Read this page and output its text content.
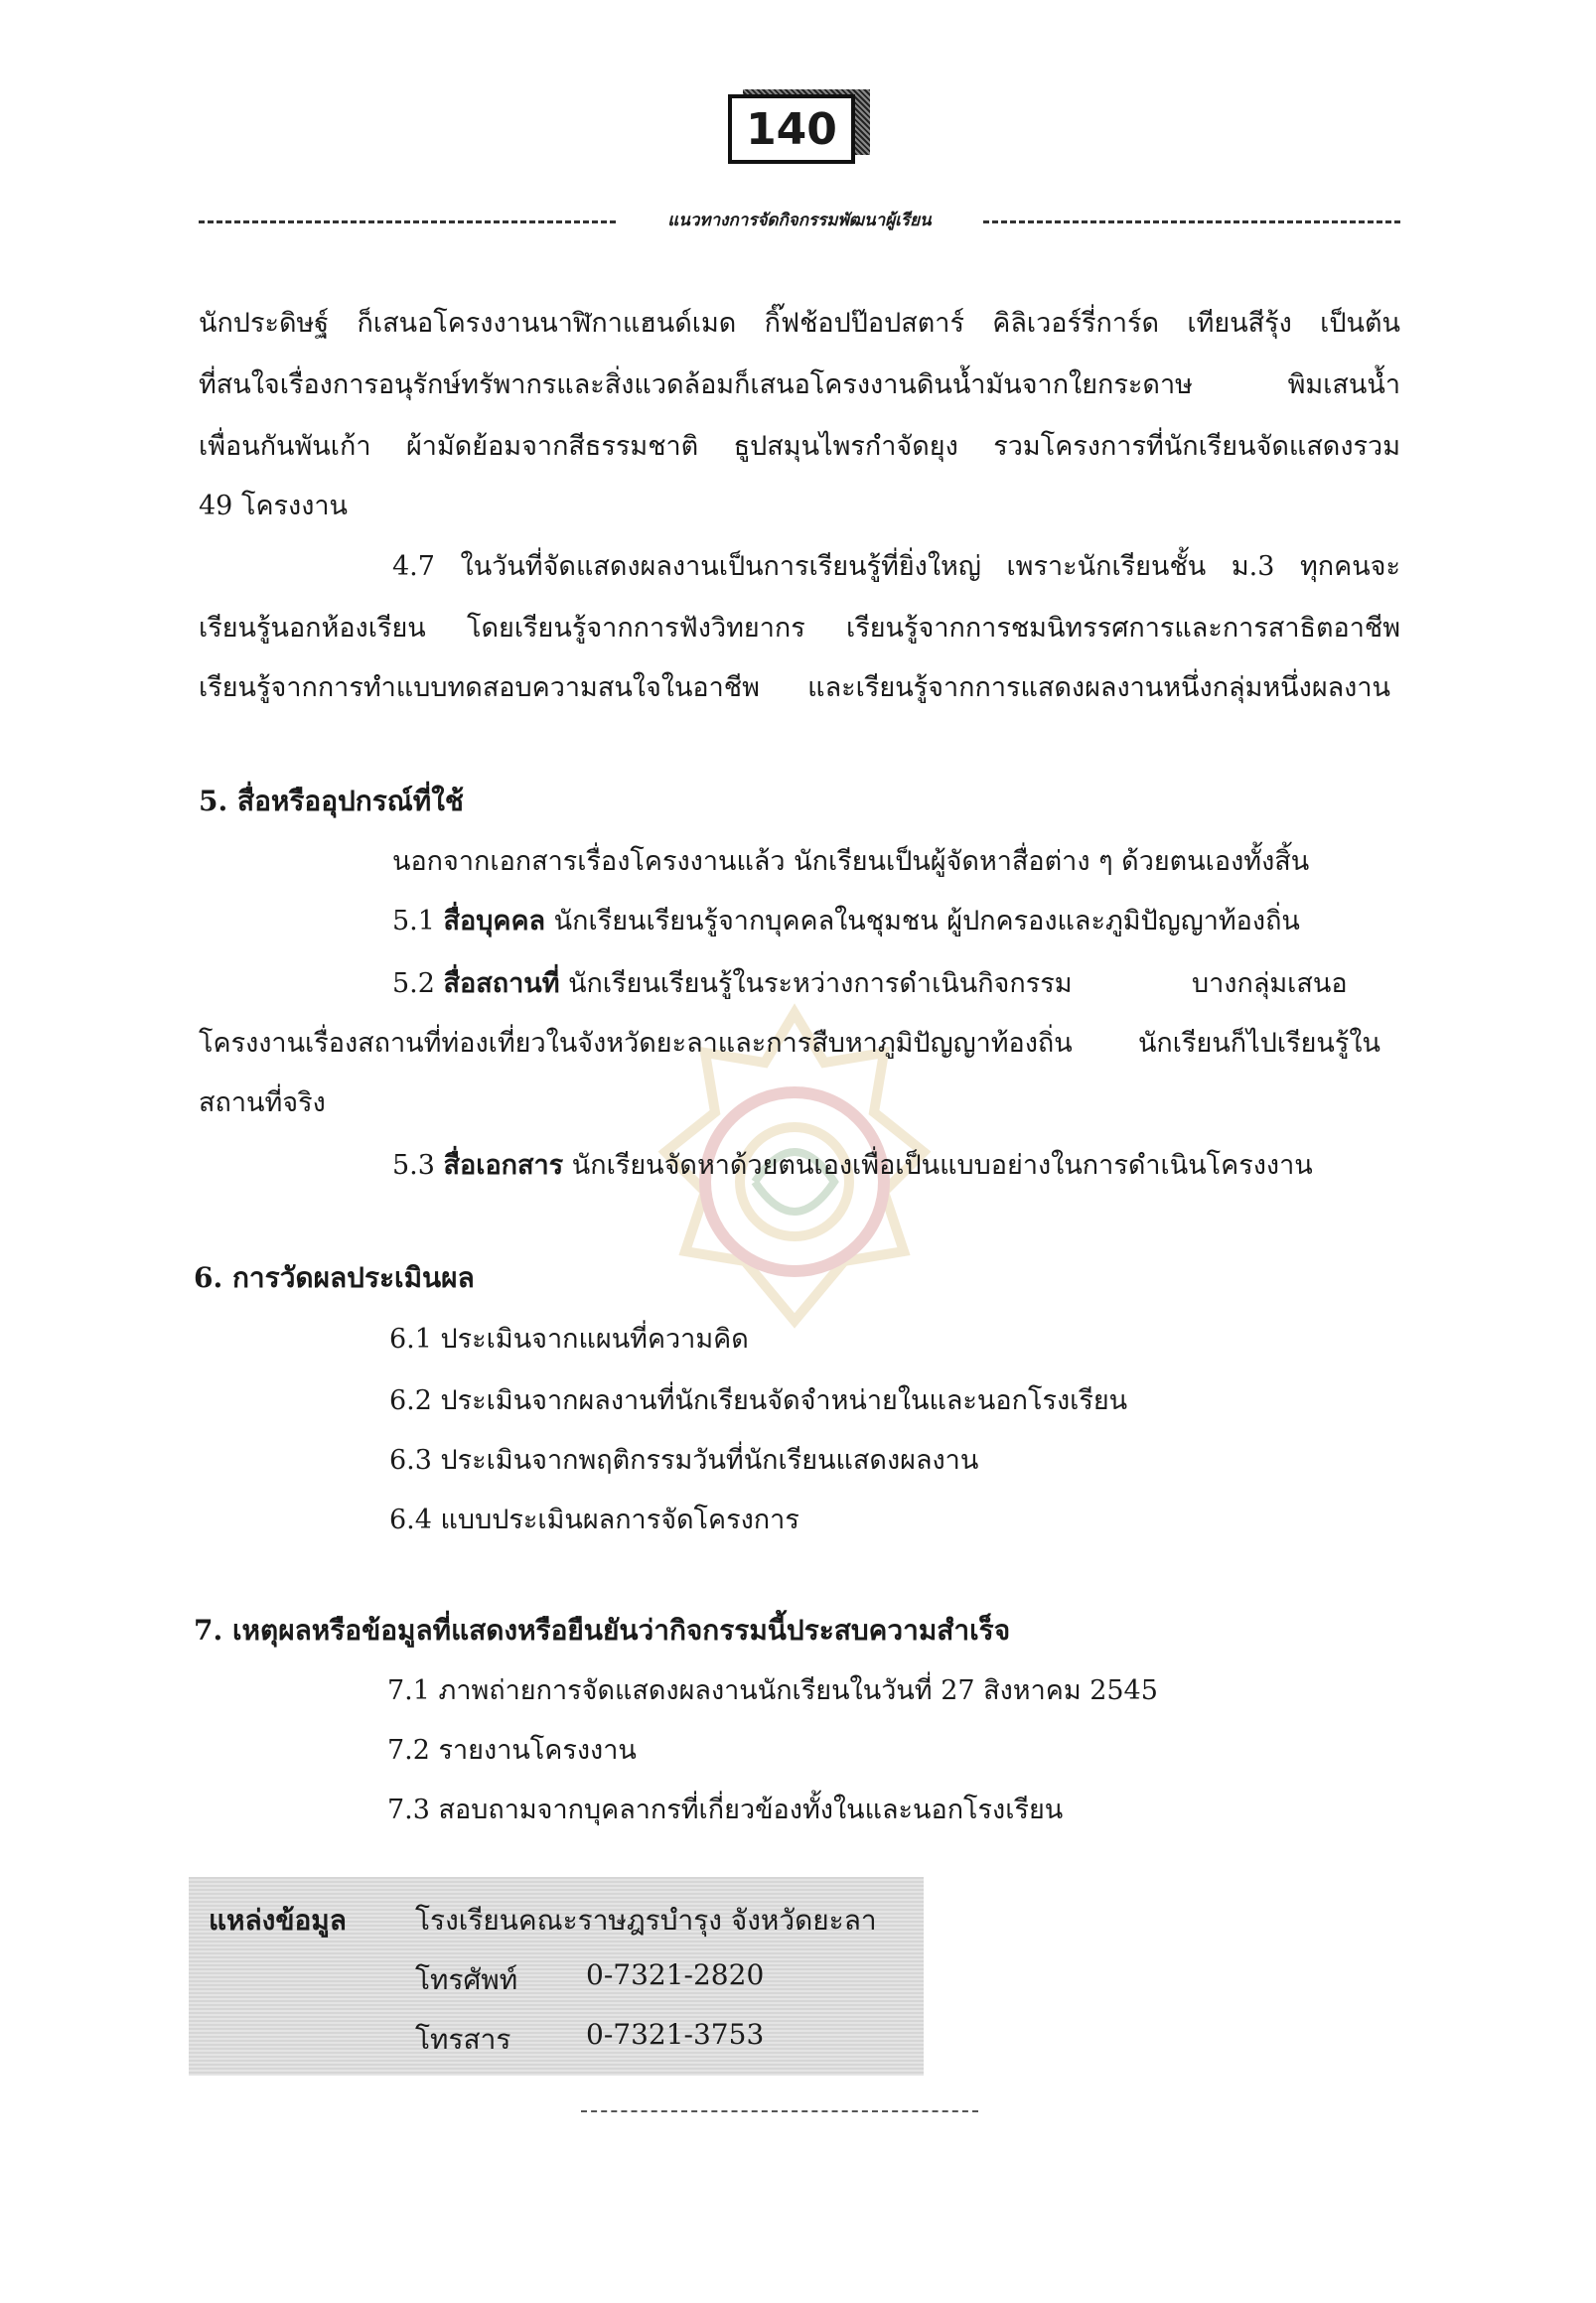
140
แนวทางการจัดกิจกรรมพัฒนาผู้เรียน
นักประดิษฐ์ ก็เสนอโครงงานนาฬิกาแฮนด์เมด กิ๊ฟช้อปป๊อปสตาร์ คิลิเวอร์รี่การ์ด เทียนสีรุ้ง เป็นต้น
ที่สนใจเรื่องการอนุรักษ์ทรัพากรและสิ่งแวดล้อมก็เสนอโครงงานดินน้ำมันจากใยกระดาษ พิมเสนน้ำ
เพื่อนกันพันเก้า ผ้ามัดย้อมจากสีธรรมชาติ ธูปสมุนไพรกำจัดยุง รวมโครงการที่นักเรียนจัดแสดงรวม
49 โครงงาน
4.7 ในวันที่จัดแสดงผลงานเป็นการเรียนรู้ที่ยิ่งใหญ่ เพราะนักเรียนชั้น ม.3 ทุกคนจะ
เรียนรู้นอกห้องเรียน โดยเรียนรู้จากการฟังวิทยากร เรียนรู้จากการชมนิทรรศการและการสาธิตอาชีพ
เรียนรู้จากการทำแบบทดสอบความสนใจในอาชีพ และเรียนรู้จากการแสดงผลงานหนึ่งกลุ่มหนึ่งผลงาน
5. สื่อหรืออุปกรณ์ที่ใช้
นอกจากเอกสารเรื่องโครงงานแล้ว นักเรียนเป็นผู้จัดหาสื่อต่าง ๆ ด้วยตนเองทั้งสิ้น
5.1 สื่อบุคคล นักเรียนเรียนรู้จากบุคคลในชุมชน ผู้ปกครองและภูมิปัญญาท้องถิ่น
5.2 สื่อสถานที่ นักเรียนเรียนรู้ในระหว่างการดำเนินกิจกรรม	บางกลุ่มเสนอ
โครงงานเรื่องสถานที่ท่องเที่ยวในจังหวัดยะลาและการสืบหาภูมิปัญญาท้องถิ่น นักเรียนก็ไปเรียนรู้ใน
สถานที่จริง
5.3 สื่อเอกสาร นักเรียนจัดหาด้วยตนเองเพื่อเป็นแบบอย่างในการดำเนินโครงงาน
6. การวัดผลประเมินผล
6.1 ประเมินจากแผนที่ความคิด
6.2 ประเมินจากผลงานที่นักเรียนจัดจำหน่ายในและนอกโรงเรียน
6.3 ประเมินจากพฤติกรรมวันที่นักเรียนแสดงผลงาน
6.4 แบบประเมินผลการจัดโครงการ
7. เหตุผลหรือข้อมูลที่แสดงหรือยืนยันว่ากิจกรรมนี้ประสบความสำเร็จ
7.1 ภาพถ่ายการจัดแสดงผลงานนักเรียนในวันที่ 27 สิงหาคม 2545
7.2 รายงานโครงงาน
7.3 สอบถามจากบุคลากรที่เกี่ยวข้องทั้งในและนอกโรงเรียน
แหล่งข้อมูล โรงเรียนคณะราษฎรบำรุง จังหวัดยะลา
โทรศัพท์ 0-7321-2820
โทรสาร	0-7321-3753
